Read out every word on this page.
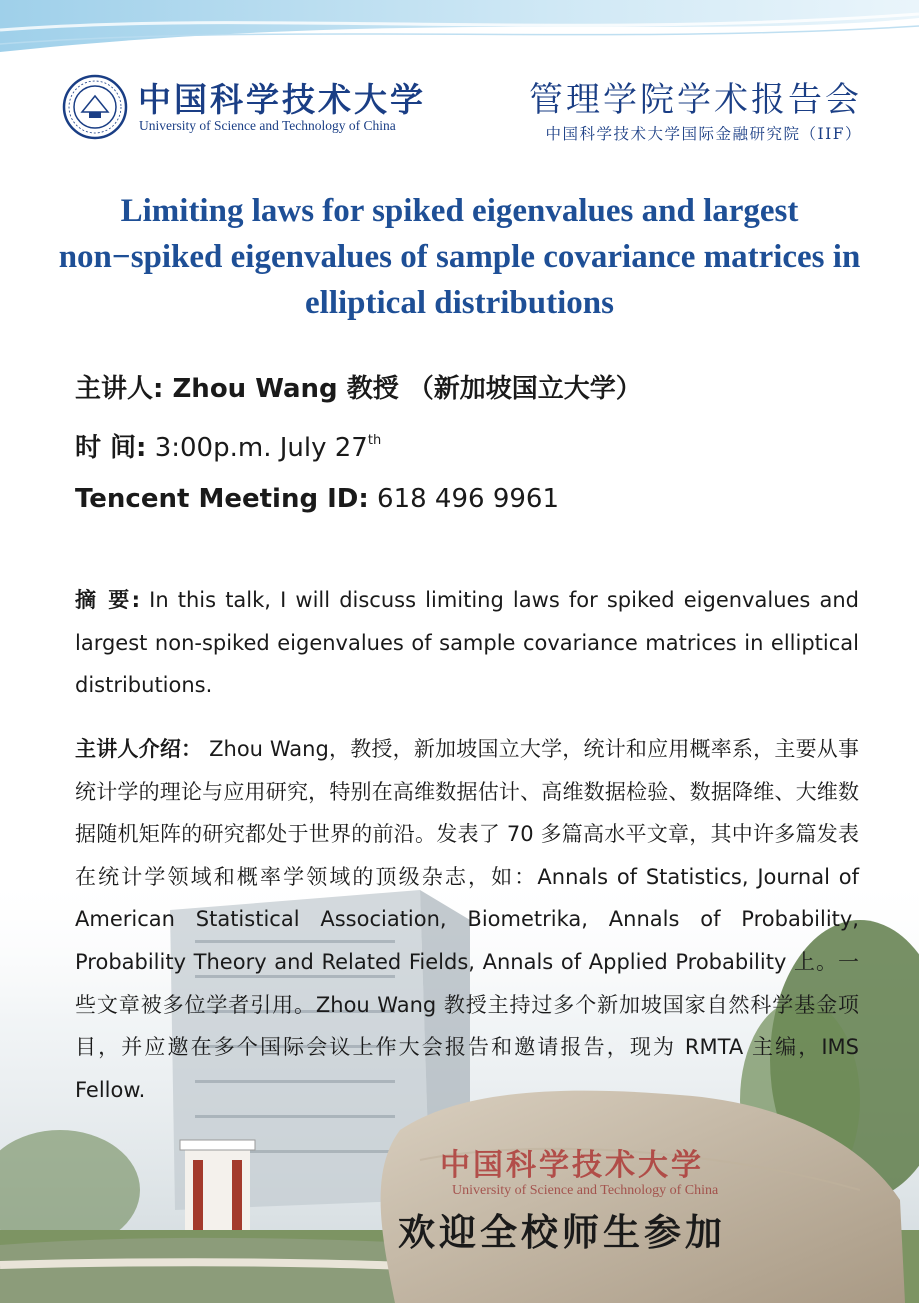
中国科学技术大学
University of Science and Technology of China
管理学院学术报告会
中国科学技术大学国际金融研究院（IIF）
Limiting laws for spiked eigenvalues and largest non−spiked eigenvalues of sample covariance matrices in elliptical distributions
主讲人: Zhou Wang 教授 （新加坡国立大学）
时 间: 3:00p.m. July 27th
Tencent Meeting ID: 618 496 9961
中国科学技术大学
University of Science and Technology of China

摘 要: In this talk, I will discuss limiting laws for spiked eigenvalues and largest non-spiked eigenvalues of sample covariance matrices in elliptical distributions.

主讲人介绍： Zhou Wang，教授，新加坡国立大学，统计和应用概率系，主要从事统计学的理论与应用研究，特别在高维数据估计、高维数据检验、数据降维、大维数据随机矩阵的研究都处于世界的前沿。发表了 70 多篇高水平文章，其中许多篇发表在统计学领域和概率学领域的顶级杂志，如：Annals of Statistics, Journal of American Statistical Association, Biometrika, Annals of Probability, Probability Theory and Related Fields, Annals of Applied Probability 上。一些文章被多位学者引用。Zhou Wang 教授主持过多个新加坡国家自然科学基金项目，并应邀在多个国际会议上作大会报告和邀请报告，现为 RMTA 主编，IMS Fellow.

欢迎全校师生参加
